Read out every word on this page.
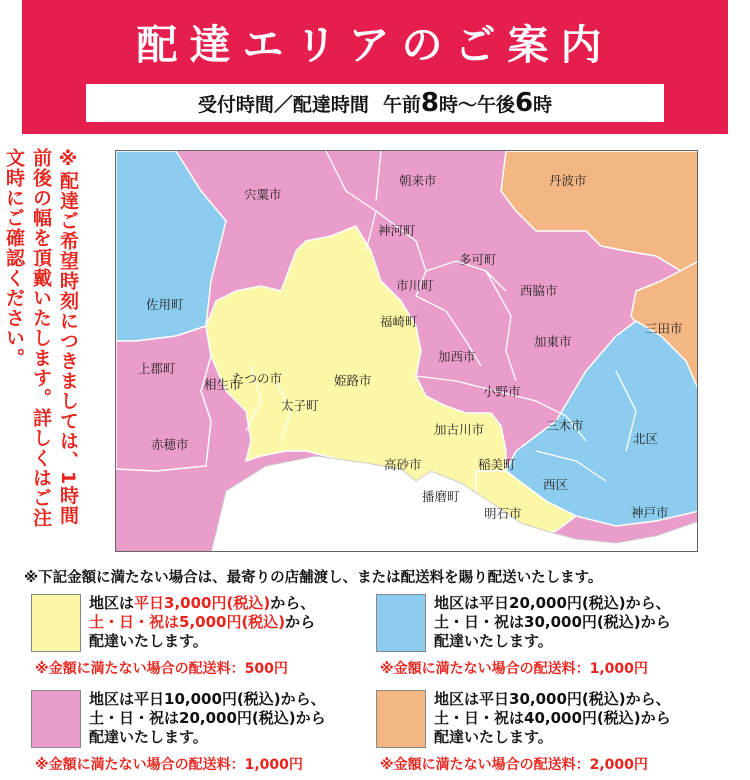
配達エリアのご案内
受付時間／配達時間 午前8時〜午後6時
※配達ご希望時刻につきましては、1時間前後の幅を頂戴いたします。詳しくはご注文時にご確認ください。	宍粟市
朝来市	丹波市
神河町
多可町
佐用町
市川町	西脇市
福崎町	三田市
上郡町
加西市
加東市
たつの市
相生市	姫路市
太子町
小野市
三木市
北区
赤穂市
加古川市
高砂市	稲美町
西区
播磨町
神戸市
明石市
※下記金額に満たない場合は、最寄りの店舗渡し、または配送料を賜り配送いたします。
地区は平日3,000円(税込)から、
土・日・祝は5,000円(税込)から
配達いたします。
※金額に満たない場合の配送料：500円
地区は平日20,000円(税込)から、
土・日・祝は30,000円(税込)から
配達いたします。
※金額に満たない場合の配送料：1,000円
地区は平日10,000円(税込)から、
土・日・祝は20,000円(税込)から
配達いたします。
※金額に満たない場合の配送料：1,000円
地区は平日30,000円(税込)から、
土・日・祝は40,000円(税込)から
配達いたします。
※金額に満たない場合の配送料：2,000円
